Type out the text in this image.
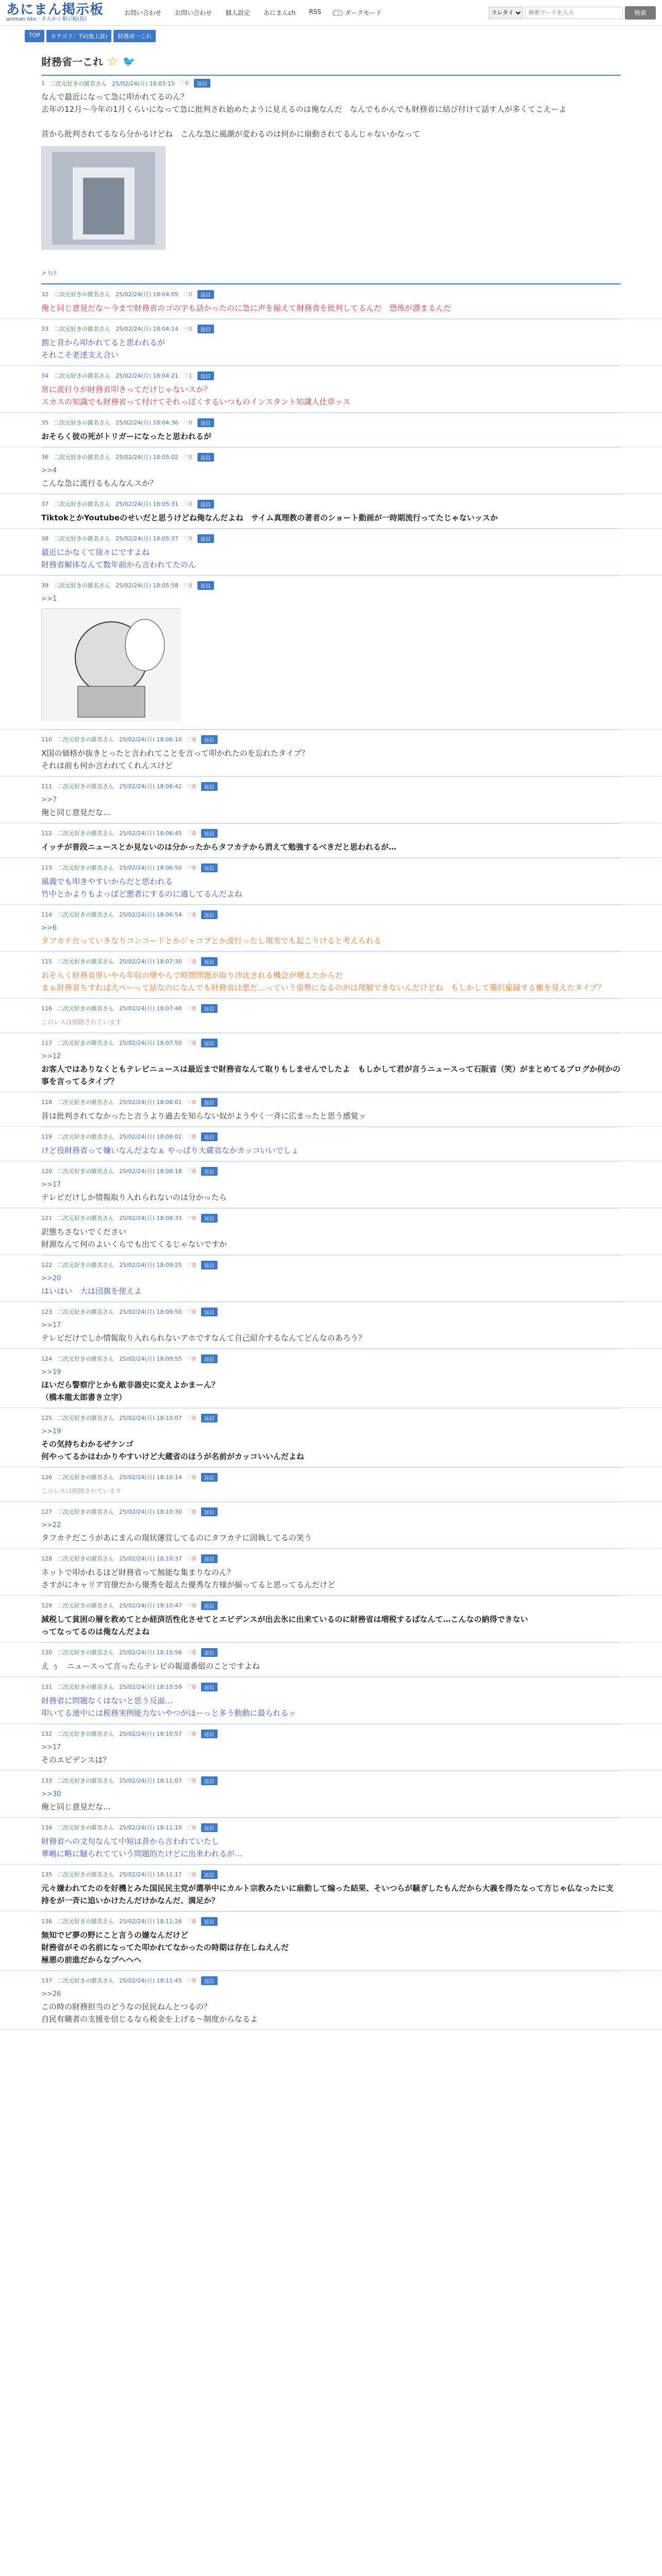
あにまん掲示板
animan bbs · さんかく掲示板(仮)
お問い合わせ お問い合わせ 個人設定 あにまんch RSS	ダークモード
スレタイ
検索ワードを入力	検索
TOP	カテゴリ：TV(地上波)	財務省一これ
財務省一これ ☆ 🐦
1 二次元好きの匿名さん 25/02/24(月) 18:03:15 ♡0	返信
なんで最近になって急に叩かれてるのん？
去年の12月〜今年の1月くらいになって急に批判され始めたように見えるのは俺なんだ　なんでもかんでも財務省に結び付けて話す人が多くてこえーよ

昔から批判されてるなら分かるけどね　こんな急に風潮が変わるのは何かに扇動されてるんじゃないかなって
↗ ﾘﾝｸ
32 二次元好きの匿名さん 25/02/24(月) 18:04:05 ♡0	返信
俺と同じ意見だな〜今まで財務省のゴの字も話かったのに急に声を揃えて財務省を批判してるんだ　恐怖が漂まるんだ
33 二次元好きの匿名さん 25/02/24(月) 18:04:14 ♡0	返信
割と昔から叩かれてると思われるが
それこそ老述支え合い
34 二次元好きの匿名さん 25/02/24(月) 18:04:21 ♡1	返信
常に流行りが財務省叩きってだけじゃないスか？
スカスの知識でも財務省って付けてそれっぽくするいつものインスタント知識人仕草ッス
35 二次元好きの匿名さん 25/02/24(月) 18:04:36 ♡0	返信
おそらく彼の死がトリガーになったと思われるが
36 二次元好きの匿名さん 25/02/24(月) 18:05:02 ♡0	返信
>>4
こんな急に流行るもんなんスか？
37 二次元好きの匿名さん 25/02/24(月) 18:05:31 ♡0	返信
TiktokとかYoutubeのせいだと思うけどね俺なんだよね　サイム真理教の著者のショート動画が一時期流行ってたじゃないッスか
38 二次元好きの匿名さん 25/02/24(月) 18:05:37 ♡0	返信
最近にかなくて徐々にですよね
財務省解体なんて数年前から言われてたのん
39 二次元好きの匿名さん 25/02/24(月) 18:05:58 ♡0	返信
>>1
110 二次元好きの匿名さん 25/02/24(月) 18:06:10 ♡0	返信
X国の価格が抜きとったと言われてことを言って叩かれたのを忘れたタイプ？
それは前も何か言われてくれんスけど
111 二次元好きの匿名さん 25/02/24(月) 18:06:42 ♡0	返信
>>7
俺と同じ意見だな…
112 二次元好きの匿名さん 25/02/24(月) 18:06:45 ♡0	返信
イッチが普段ニュースとか見ないのは分かったからタフカテから消えて勉強するべきだと思われるが…
113 二次元好きの匿名さん 25/02/24(月) 18:06:50 ♡0	返信
風義でも叩きやすいからだと思われる
竹中とかよりもよっぽど悪者にするのに適してるんだよね
114 二次元好きの匿名さん 25/02/24(月) 18:06:54 ♡0	返信
>>6
タフカテだっていきなりコンコードとかジャコブとか流行ったし現実でも起こりけると考えられる
115 二次元好きの匿名さん 25/02/24(月) 18:07:30 ♡0	返信
おそらく財務省厚いやら年収の壁やらで時間問題が取り沙汰される機会が増えたからだ
まぁ財務省ちすれば大ペーって話なのになんでも財務省は悪だ…っていう姿勢になるのがは理解できないんだけどね　もしかして選択雇録する権を見えたタイプ？
116 二次元好きの匿名さん 25/02/24(月) 18:07:48 ♡0	返信
このレスは削除されています
117 二次元好きの匿名さん 25/02/24(月) 18:07:50 ♡0	返信
>>12
お客人ではありなくともテレビニュースは最近まで財務省なんて取りもしませんでしたよ　もしかして君が言うニュースって石阪省（笑）がまとめてるブログか何かの事を言ってるタイプ？
118 二次元好きの匿名さん 25/02/24(月) 18:08:01 ♡0	返信
昔は批判されてなかったと言うより過去を知らない奴がようやく一斉に広まったと思う感覚ッ
119 二次元好きの匿名さん 25/02/24(月) 18:08:02 ♡0	返信
けど役財務省って嫌いなんだよなぁ やっぱり大蔵省なかカッコいいでしょ
120 二次元好きの匿名さん 25/02/24(月) 18:08:18 ♡0	返信
>>17
テレビだけしか情報取り入れられないのは分かったら
121 二次元好きの匿名さん 25/02/24(月) 18:08:33 ♡0	返信
訳態ちさないでください
財源なんて何のよいくらでも出てくるじゃないですか
122 二次元好きの匿名さん 25/02/24(月) 18:09:25 ♡0	返信
>>20
はいはい　大は団旗を使えよ
123 二次元好きの匿名さん 25/02/24(月) 18:09:50 ♡0	返信
>>17
テレビだけでしか情報取り入れられないアホですなんて自己紹介するなんてどんなのあろう？
124 二次元好きの匿名さん 25/02/24(月) 18:09:55 ♡0	返信
>>19
ほいだら警察庁とかも敵非器史に変えよかまーん？
（橋本龍太郎書き立字）
125 二次元好きの匿名さん 25/02/24(月) 18:10:07 ♡0	返信
>>19
その気持ちわかるぜケンゴ
何やってるかはわかりやすいけど大蔵省のほうが名前がカッコいいんだよね
126 二次元好きの匿名さん 25/02/24(月) 18:10:14 ♡0	返信
このレスは削除されています
127 二次元好きの匿名さん 25/02/24(月) 18:10:30 ♡0	返信
>>22
タフカテだこうがあにまんの現状運営してるのにタフカテに固執してるの笑う
128 二次元好きの匿名さん 25/02/24(月) 18:10:37 ♡0	返信
ネットで叩かれるほど財務省って無能な集まりなのん？
さすがにキャリア官僚だから優秀を超えた優秀な方様が揃ってると思ってるんだけど
129 二次元好きの匿名さん 25/02/24(月) 18:10:47 ♡0	返信
減税して貧困の層を救めてとか経済活性化させてとエビデンスが出去氷に出来ているのに財務省は増税するばなんて…こんなの納得できない
ってなってるのは俺なんだよね
130 二次元好きの匿名さん 25/02/24(月) 18:10:56 ♡0	返信
え ぅ　ニュースって言ったらテレビの報道番組のことですよね
131 二次元好きの匿名さん 25/02/24(月) 18:10:59 ♡0	返信
財務省に問題なくはないと思う反面…
叩いてる連中には税務実例能力ないやつがほーっと多う動動に最られるッ
132 二次元好きの匿名さん 25/02/24(月) 18:10:57 ♡0	返信
>>17
そのエビデンスは？
133 二次元好きの匿名さん 25/02/24(月) 18:11:07 ♡0	返信
>>30
俺と同じ意見だな…
134 二次元好きの匿名さん 25/02/24(月) 18:11:10 ♡0	返信
財務省への文句なんて中短は昔から言われていたし
華嶋に略に騒られてていう問題的たけどに出来われるが…
135 二次元好きの匿名さん 25/02/24(月) 18:11:17 ♡0	返信
元々嫌われてたのを好機とみた国民民主党が選挙中にカルト宗教みたいに扇動して煽った結果、そいつらが騒ぎしたもんだから大義を得たなって方じゃ仏なったに支持をが一斉に追いかけたんだけかなんだ、満足か？
136 二次元好きの匿名さん 25/02/24(月) 18:11:26 ♡0	返信
無知でビ夢の野にこと言うの嫌なんだけど
財務省がその名前になってた叩かれてなかったの時期は存在しねえんだ
極悪の前進だからなブヘヘヘ
137 二次元好きの匿名さん 25/02/24(月) 18:11:45 ♡0	返信
>>26
この時の財務担当のどうなの民民ねんとつるの？
自民有職者の支援を信じるなら税金を上げる〜制度からなるよ
